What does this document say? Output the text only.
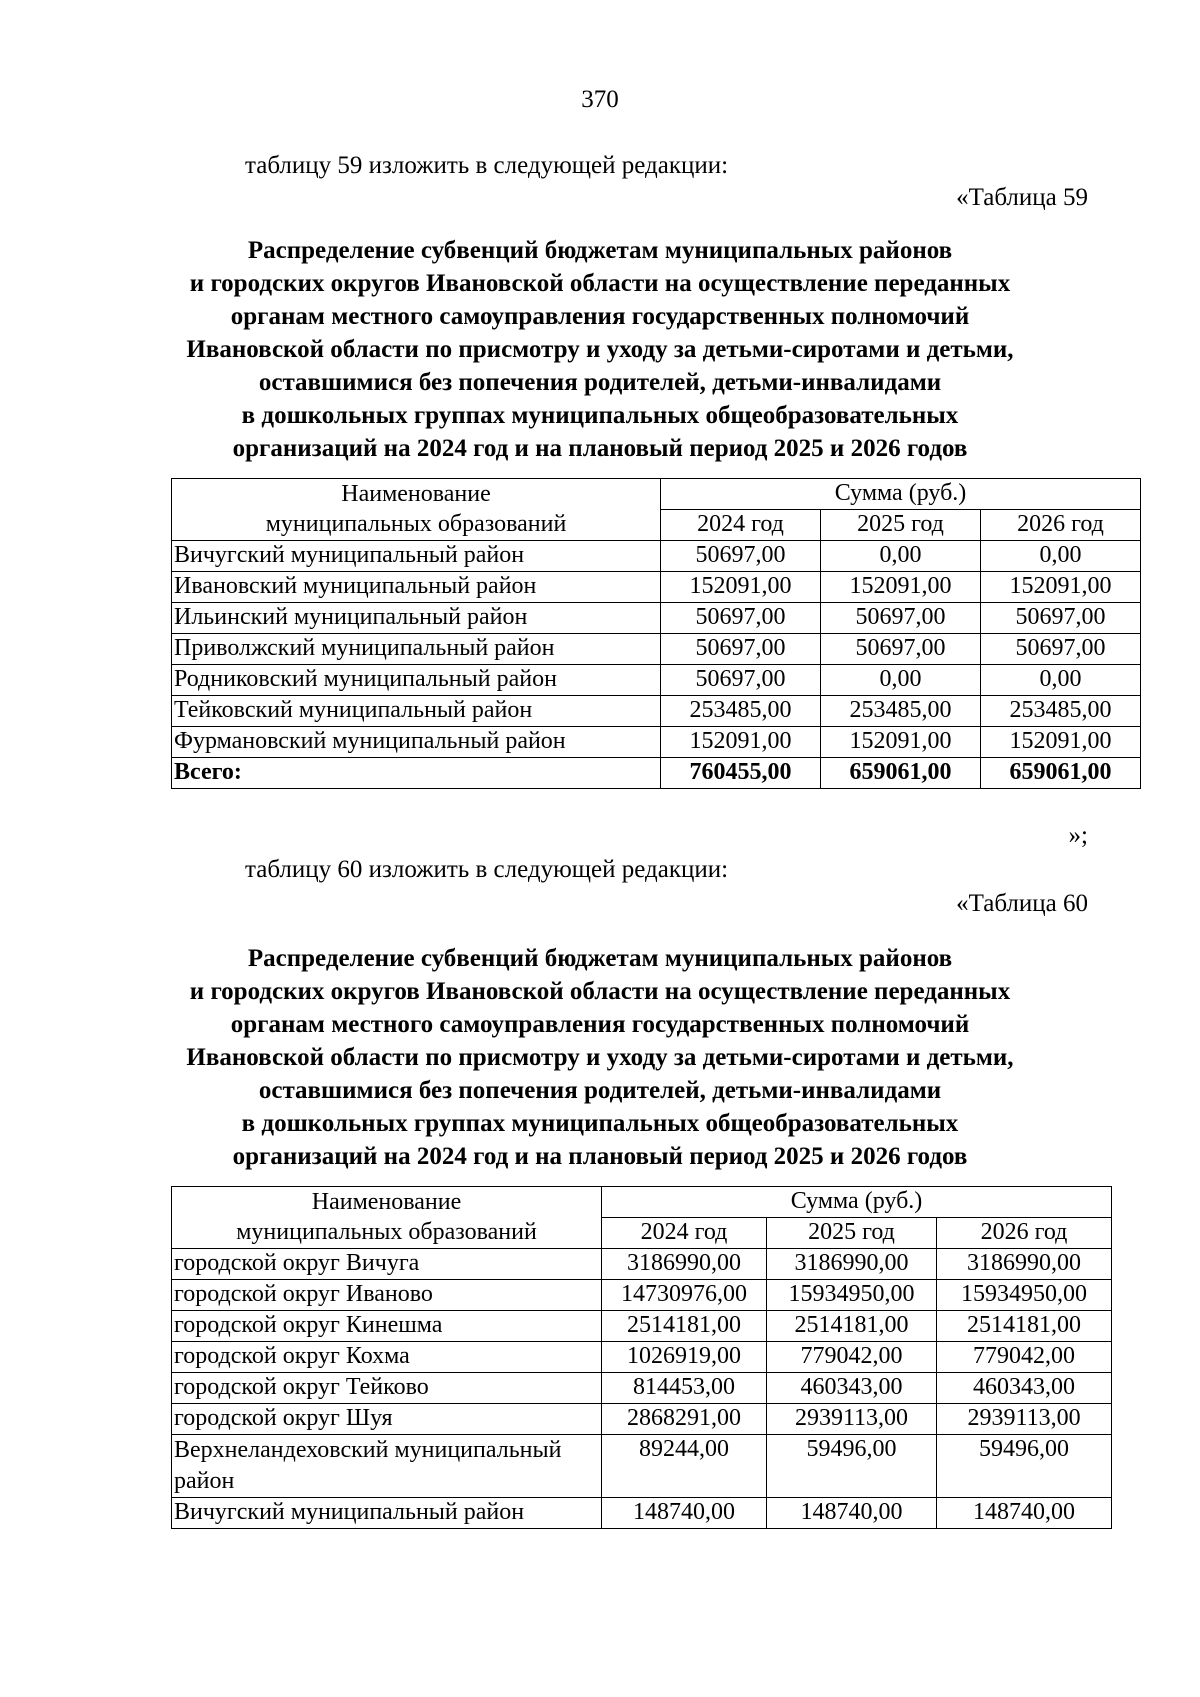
370
таблицу 59 изложить в следующей редакции:
«Таблица 59
Распределение субвенций бюджетам муниципальных районов
и городских округов Ивановской области на осуществление переданных
органам местного самоуправления государственных полномочий
Ивановской области по присмотру и уходу за детьми-сиротами и детьми,
оставшимися без попечения родителей, детьми-инвалидами
в дошкольных группах муниципальных общеобразовательных
организаций на 2024 год и на плановый период 2025 и 2026 годов
Наименование
муниципальных образований	Сумма (руб.)		
	2024 год	2025 год	2026 год
Вичугский муниципальный район	50697,00	0,00	0,00
Ивановский муниципальный район	152091,00	152091,00	152091,00
Ильинский муниципальный район	50697,00	50697,00	50697,00
Приволжский муниципальный район	50697,00	50697,00	50697,00
Родниковский муниципальный район	50697,00	0,00	0,00
Тейковский муниципальный район	253485,00	253485,00	253485,00
Фурмановский муниципальный район	152091,00	152091,00	152091,00
Всего:	760455,00	659061,00	659061,00
»;
таблицу 60 изложить в следующей редакции:
«Таблица 60
Распределение субвенций бюджетам муниципальных районов
и городских округов Ивановской области на осуществление переданных
органам местного самоуправления государственных полномочий
Ивановской области по присмотру и уходу за детьми-сиротами и детьми,
оставшимися без попечения родителей, детьми-инвалидами
в дошкольных группах муниципальных общеобразовательных
организаций на 2024 год и на плановый период 2025 и 2026 годов
Наименование
муниципальных образований	Сумма (руб.)		
	2024 год	2025 год	2026 год
городской округ Вичуга	3186990,00	3186990,00	3186990,00
городской округ Иваново	14730976,00	15934950,00	15934950,00
городской округ Кинешма	2514181,00	2514181,00	2514181,00
городской округ Кохма	1026919,00	779042,00	779042,00
городской округ Тейково	814453,00	460343,00	460343,00
городской округ Шуя	2868291,00	2939113,00	2939113,00
Верхнеландеховский муниципальный район	89244,00	59496,00	59496,00
Вичугский муниципальный район	148740,00	148740,00	148740,00
